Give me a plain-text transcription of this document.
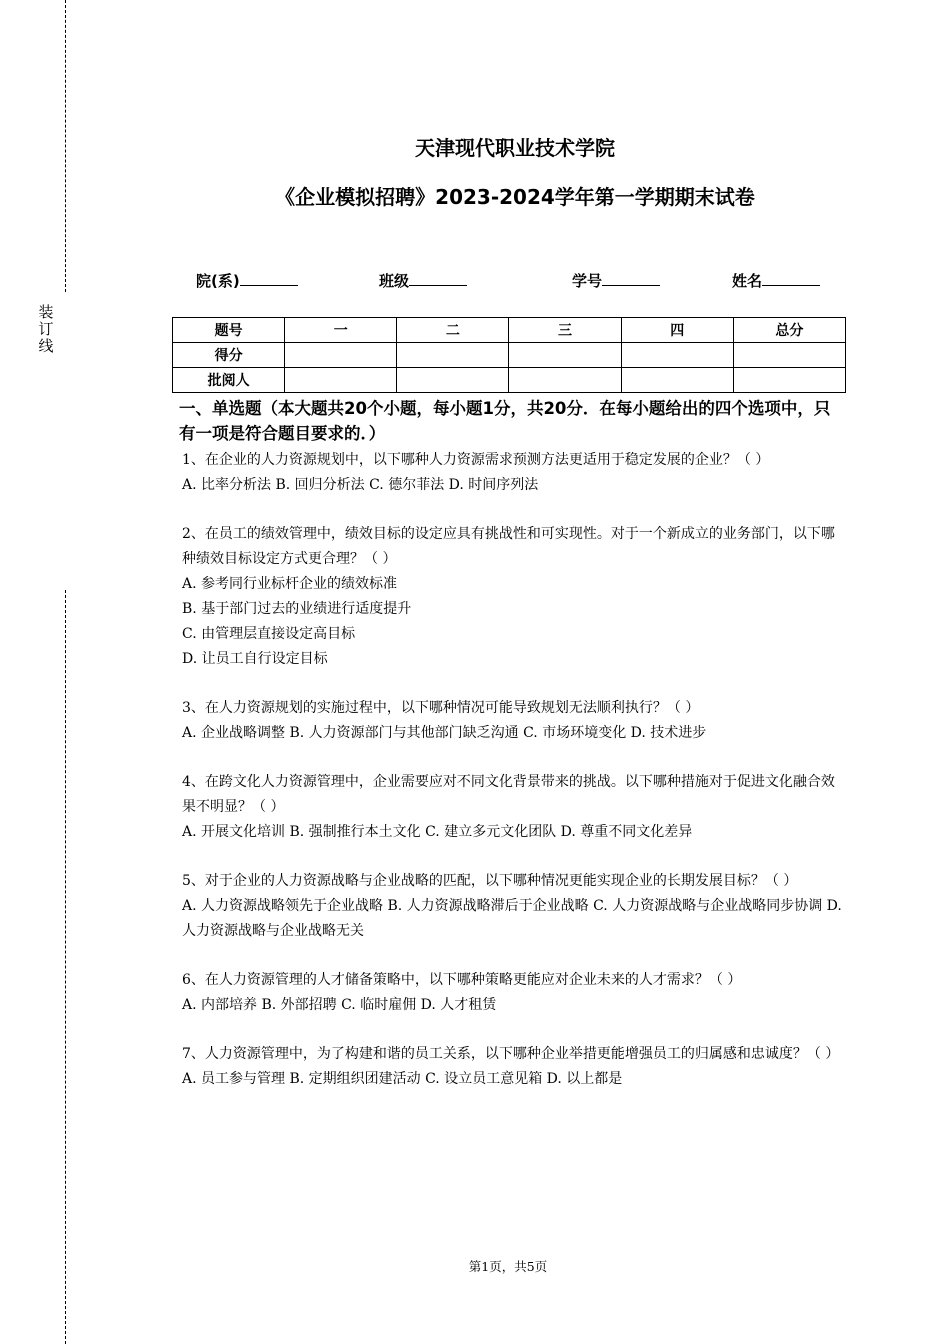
装订线
天津现代职业技术学院
《企业模拟招聘》2023-2024学年第一学期期末试卷
院(系)	班级	学号	姓名
题号	一	二	三	四	总分
得分					
批阅人					
一、单选题（本大题共20个小题，每小题1分，共20分．在每小题给出的四个选项中，只有一项是符合题目要求的．）
1、在企业的人力资源规划中，以下哪种人力资源需求预测方法更适用于稳定发展的企业？（ ）
A. 比率分析法 B. 回归分析法 C. 德尔菲法 D. 时间序列法
2、在员工的绩效管理中，绩效目标的设定应具有挑战性和可实现性。对于一个新成立的业务部门，以下哪种绩效目标设定方式更合理？（ ）
A. 参考同行业标杆企业的绩效标准
B. 基于部门过去的业绩进行适度提升
C. 由管理层直接设定高目标
D. 让员工自行设定目标
3、在人力资源规划的实施过程中，以下哪种情况可能导致规划无法顺利执行？（ ）
A. 企业战略调整 B. 人力资源部门与其他部门缺乏沟通 C. 市场环境变化 D. 技术进步
4、在跨文化人力资源管理中，企业需要应对不同文化背景带来的挑战。以下哪种措施对于促进文化融合效果不明显？（ ）
A. 开展文化培训 B. 强制推行本土文化 C. 建立多元文化团队 D. 尊重不同文化差异
5、对于企业的人力资源战略与企业战略的匹配，以下哪种情况更能实现企业的长期发展目标？（ ）
A. 人力资源战略领先于企业战略 B. 人力资源战略滞后于企业战略 C. 人力资源战略与企业战略同步协调 D. 人力资源战略与企业战略无关
6、在人力资源管理的人才储备策略中，以下哪种策略更能应对企业未来的人才需求？（ ）
A. 内部培养 B. 外部招聘 C. 临时雇佣 D. 人才租赁
7、人力资源管理中，为了构建和谐的员工关系，以下哪种企业举措更能增强员工的归属感和忠诚度？（ ）
A. 员工参与管理 B. 定期组织团建活动 C. 设立员工意见箱 D. 以上都是
第1页，共5页
